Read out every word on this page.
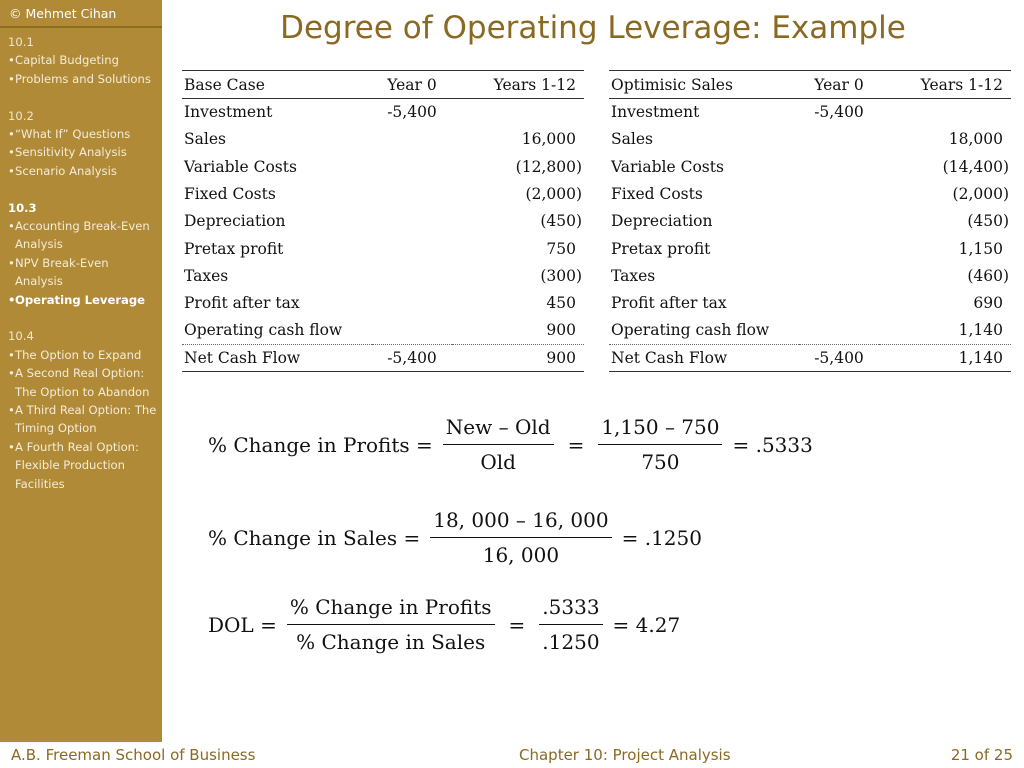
© Mehmet Cihan
10.1
• Capital Budgeting
• Problems and Solutions
10.2
• “What If” Questions
• Sensitivity Analysis
• Scenario Analysis
10.3
• Accounting Break-Even Analysis
• NPV Break-Even Analysis
• Operating Leverage
10.4
• The Option to Expand
• A Second Real Option: The Option to Abandon
• A Third Real Option: The Timing Option
• A Fourth Real Option: Flexible Production Facilities
Degree of Operating Leverage: Example
Base Case	Year 0	Years 1-12
Investment	-5,400	
Sales		16,000
Variable Costs		(12,800)
Fixed Costs		(2,000)
Depreciation		(450)
Pretax profit		750
Taxes		(300)
Profit after tax		450
Operating cash flow		900
Net Cash Flow	-5,400	900
Optimisic Sales	Year 0	Years 1-12
Investment	-5,400	
Sales		18,000
Variable Costs		(14,400)
Fixed Costs		(2,000)
Depreciation		(450)
Pretax profit		1,150
Taxes		(460)
Profit after tax		690
Operating cash flow		1,140
Net Cash Flow	-5,400	1,140
% Change in Profits = $\frac{\text{New – Old}}{\text{Old}} = \frac{1,150 - 750}{750} = .5333$
% Change in Sales = $\frac{18, 000 - 16, 000}{16, 000} = .1250$
DOL = $\frac{\text{\% Change in Profits}}{\text{\% Change in Sales}} = \frac{.5333}{.1250} = 4.27$
A.B. Freeman School of Business	Chapter 10: Project Analysis	21 of 25
